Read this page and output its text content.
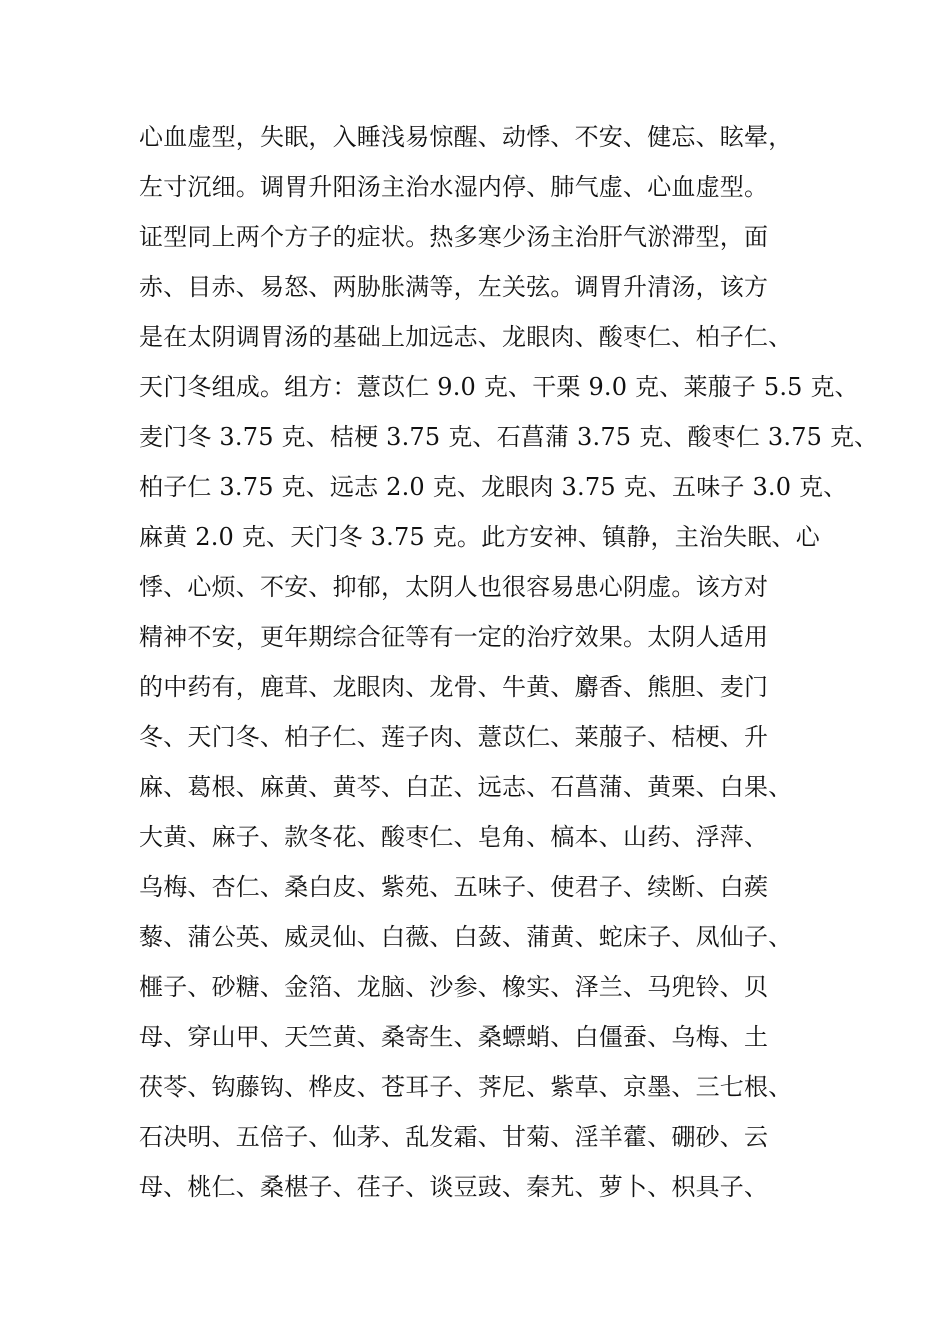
心血虚型，失眠，入睡浅易惊醒、动悸、不安、健忘、眩晕，
左寸沉细。调胃升阳汤主治水湿内停、肺气虚、心血虚型。
证型同上两个方子的症状。热多寒少汤主治肝气淤滞型，面
赤、目赤、易怒、两胁胀满等，左关弦。调胃升清汤，该方
是在太阴调胃汤的基础上加远志、龙眼肉、酸枣仁、柏子仁、
天门冬组成。组方：薏苡仁 9.0 克、干栗 9.0 克、莱菔子 5.5 克、
麦门冬 3.75 克、桔梗 3.75 克、石菖蒲 3.75 克、酸枣仁 3.75 克、
柏子仁 3.75 克、远志 2.0 克、龙眼肉 3.75 克、五味子 3.0 克、
麻黄 2.0 克、天门冬 3.75 克。此方安神、镇静，主治失眠、心
悸、心烦、不安、抑郁，太阴人也很容易患心阴虚。该方对
精神不安，更年期综合征等有一定的治疗效果。太阴人适用
的中药有，鹿茸、龙眼肉、龙骨、牛黄、麝香、熊胆、麦门
冬、天门冬、柏子仁、莲子肉、薏苡仁、莱菔子、桔梗、升
麻、葛根、麻黄、黄芩、白芷、远志、石菖蒲、黄栗、白果、
大黄、麻子、款冬花、酸枣仁、皂角、槁本、山药、浮萍、
乌梅、杏仁、桑白皮、紫苑、五味子、使君子、续断、白蒺
藜、蒲公英、威灵仙、白薇、白蔹、蒲黄、蛇床子、凤仙子、
榧子、砂糖、金箔、龙脑、沙参、橡实、泽兰、马兜铃、贝
母、穿山甲、天竺黄、桑寄生、桑螵蛸、白僵蚕、乌梅、土
茯苓、钩藤钩、桦皮、苍耳子、荠尼、紫草、京墨、三七根、
石决明、五倍子、仙茅、乱发霜、甘菊、淫羊藿、硼砂、云
母、桃仁、桑椹子、荏子、谈豆豉、秦艽、萝卜、枳具子、
